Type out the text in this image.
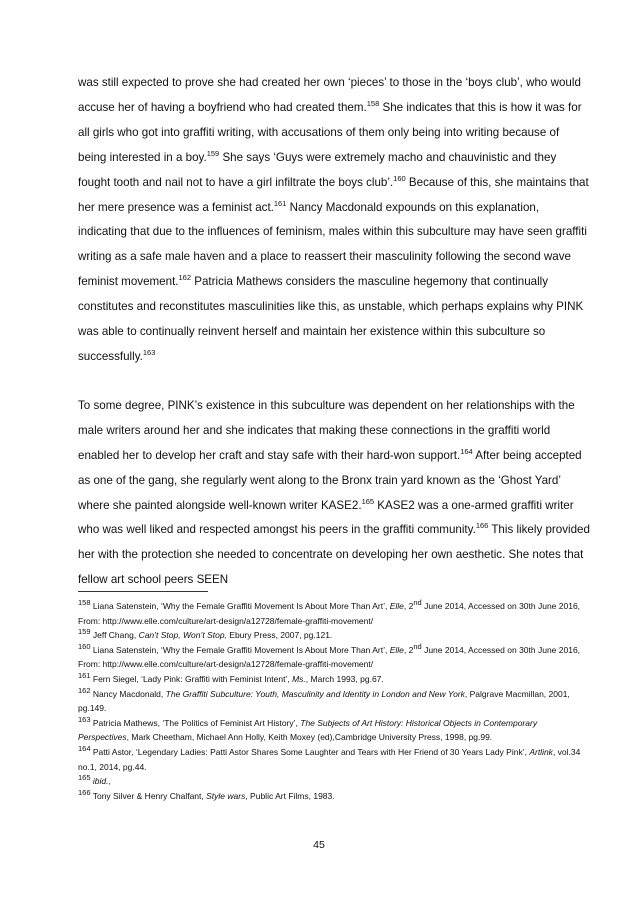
was still expected to prove she had created her own ‘pieces’ to those in the ‘boys club’, who would accuse her of having a boyfriend who had created them.$^{158}$ She indicates that this is how it was for all girls who got into graffiti writing, with accusations of them only being into writing because of being interested in a boy.$^{159}$ She says ‘Guys were extremely macho and chauvinistic and they fought tooth and nail not to have a girl infiltrate the boys club’.$^{160}$ Because of this, she maintains that her mere presence was a feminist act.$^{161}$ Nancy Macdonald expounds on this explanation, indicating that due to the influences of feminism, males within this subculture may have seen graffiti writing as a safe male haven and a place to reassert their masculinity following the second wave feminist movement.$^{162}$ Patricia Mathews considers the masculine hegemony that continually constitutes and reconstitutes masculinities like this, as unstable, which perhaps explains why PINK was able to continually reinvent herself and maintain her existence within this subculture so successfully.$^{163}$

To some degree, PINK’s existence in this subculture was dependent on her relationships with the male writers around her and she indicates that making these connections in the graffiti world enabled her to develop her craft and stay safe with their hard-won support.$^{164}$ After being accepted as one of the gang, she regularly went along to the Bronx train yard known as the ‘Ghost Yard’ where she painted alongside well-known writer KASE2.$^{165}$ KASE2 was a one-armed graffiti writer who was well liked and respected amongst his peers in the graffiti community.$^{166}$ This likely provided her with the protection she needed to concentrate on developing her own aesthetic. She notes that fellow art school peers SEEN

$^{158}$ Liana Satenstein, ‘Why the Female Graffiti Movement Is About More Than Art’, Elle, 2nd June 2014, Accessed on 30th June 2016, From: http://www.elle.com/culture/art-design/a12728/female-graffiti-movement/

$^{159}$ Jeff Chang, Can’t Stop, Won’t Stop, Ebury Press, 2007, pg.121.

$^{160}$ Liana Satenstein, ‘Why the Female Graffiti Movement Is About More Than Art’, Elle, 2nd June 2014, Accessed on 30th June 2016, From: http://www.elle.com/culture/art-design/a12728/female-graffiti-movement/

$^{161}$ Fern Siegel, ‘Lady Pink: Graffiti with Feminist Intent’, Ms., March 1993, pg.67.

$^{162}$ Nancy Macdonald, The Graffiti Subculture: Youth, Masculinity and Identity in London and New York, Palgrave Macmillan, 2001, pg.149.

$^{163}$ Patricia Mathews, ‘The Politics of Feminist Art History’, The Subjects of Art History: Historical Objects in Contemporary Perspectives, Mark Cheetham, Michael Ann Holly, Keith Moxey (ed),Cambridge University Press, 1998, pg.99.

$^{164}$ Patti Astor, ‘Legendary Ladies: Patti Astor Shares Some Laughter and Tears with Her Friend of 30 Years Lady Pink’, Artlink, vol.34 no.1, 2014, pg.44.

$^{165}$ ibid.,

$^{166}$ Tony Silver & Henry Chalfant, Style wars, Public Art Films, 1983.

45
